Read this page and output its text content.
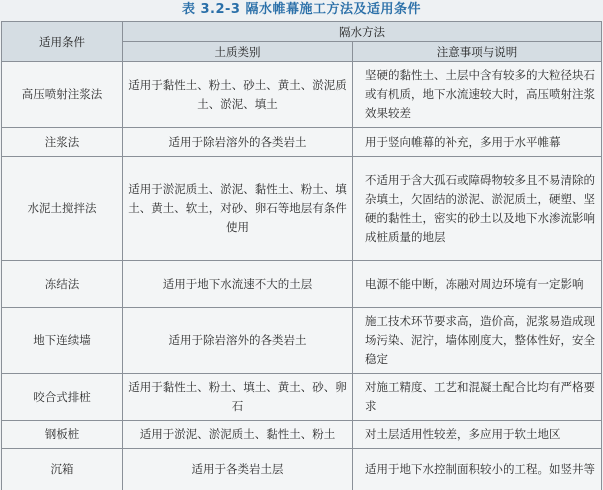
表 3.2-3 隔水帷幕施工方法及适用条件
适用条件	隔水方法	
	土质类别	注意事项与说明
高压喷射注浆法	适用于黏性土、粉土、砂土、黄土、淤泥质土、淤泥、填土	坚硬的黏性土、土层中含有较多的大粒径块石或有机质，地下水流速较大时，高压喷射注浆效果较差
注浆法	适用于除岩溶外的各类岩土	用于竖向帷幕的补充，多用于水平帷幕
水泥土搅拌法	适用于淤泥质土、淤泥、黏性土、粉土、填土、黄土、软土，对砂、卵石等地层有条件使用	不适用于含大孤石或障碍物较多且不易清除的杂填土，欠固结的淤泥、淤泥质土，硬塑、坚硬的黏性土，密实的砂土以及地下水渗流影响成桩质量的地层
冻结法	适用于地下水流速不大的土层	电源不能中断，冻融对周边环境有一定影响
地下连续墙	适用于除岩溶外的各类岩土	施工技术环节要求高，造价高，泥浆易造成现场污染、泥泞，墙体刚度大，整体性好，安全稳定
咬合式排桩	适用于黏性土、粉土、填土、黄土、砂、卵石	对施工精度、工艺和混凝土配合比均有严格要求
钢板桩	适用于淤泥、淤泥质土、黏性土、粉土	对土层适用性较差，多应用于软土地区
沉箱	适用于各类岩土层	适用于地下水控制面积较小的工程。如竖井等
